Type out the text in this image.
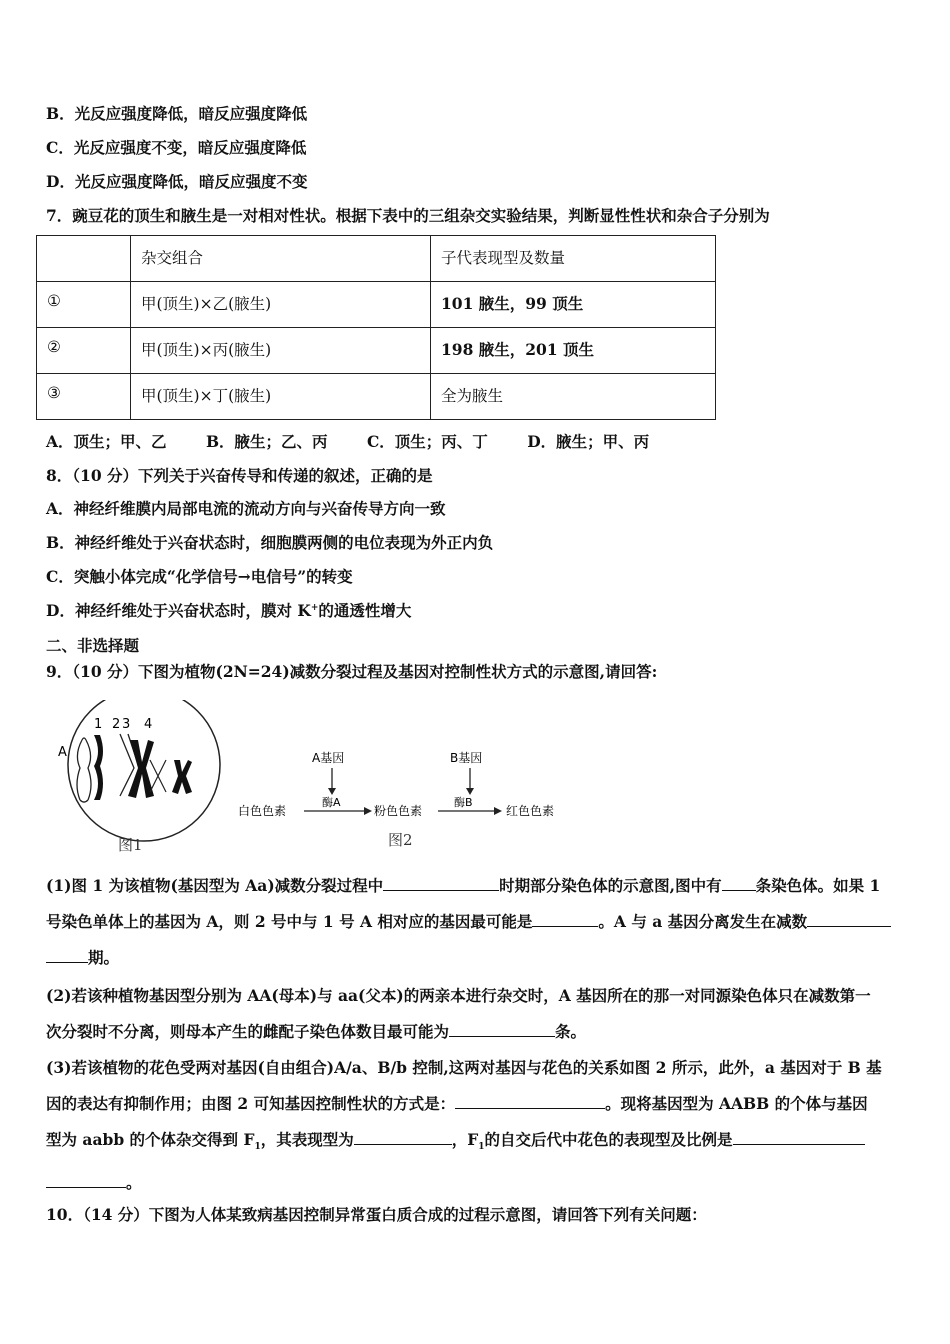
B．光反应强度降低，暗反应强度降低
C．光反应强度不变，暗反应强度降低
D．光反应强度降低，暗反应强度不变
7．豌豆花的顶生和腋生是一对相对性状。根据下表中的三组杂交实验结果，判断显性性状和杂合子分别为
	杂交组合	子代表现型及数量
①	甲(顶生)×乙(腋生)	101 腋生，99 顶生
②	甲(顶生)×丙(腋生)	198 腋生，201 顶生
③	甲(顶生)×丁(腋生)	全为腋生
A．顶生；甲、乙	B．腋生；乙、丙	C．顶生；丙、丁	D．腋生；甲、丙
8．（10 分）下列关于兴奋传导和传递的叙述，正确的是
A．神经纤维膜内局部电流的流动方向与兴奋传导方向一致
B．神经纤维处于兴奋状态时，细胞膜两侧的电位表现为外正内负
C．突触小体完成“化学信号→电信号”的转变
D．神经纤维处于兴奋状态时，膜对 K+的通透性增大
二、非选择题
9．（10 分）下图为植物(2N=24)减数分裂过程及基因对控制性状方式的示意图,请回答:
1 2 3 4
A
图1
A基因	B基因
白色色素
酶A
粉色色素
酶B
红色色素
图2
(1)图 1 为该植物(基因型为 Aa)减数分裂过程中	时期部分染色体的示意图,图中有 条染色体。如果 1
号染色单体上的基因为 A，则 2 号中与 1 号 A 相对应的基因最可能是	。A 与 a 基因分离发生在减数
期。
(2)若该种植物基因型分别为 AA(母本)与 aa(父本)的两亲本进行杂交时，A 基因所在的那一对同源染色体只在减数第一
次分裂时不分离，则母本产生的雌配子染色体数目最可能为	条。
(3)若该植物的花色受两对基因(自由组合)A/a、B/b 控制,这两对基因与花色的关系如图 2 所示，此外，a 基因对于 B 基
因的表达有抑制作用；由图 2 可知基因控制性状的方式是：	。现将基因型为 AABB 的个体与基因
型为 aabb 的个体杂交得到 $F_1$，其表现型为	，$F_1$的自交后代中花色的表现型及比例是
。
10．（14 分）下图为人体某致病基因控制异常蛋白质合成的过程示意图，请回答下列有关问题：
